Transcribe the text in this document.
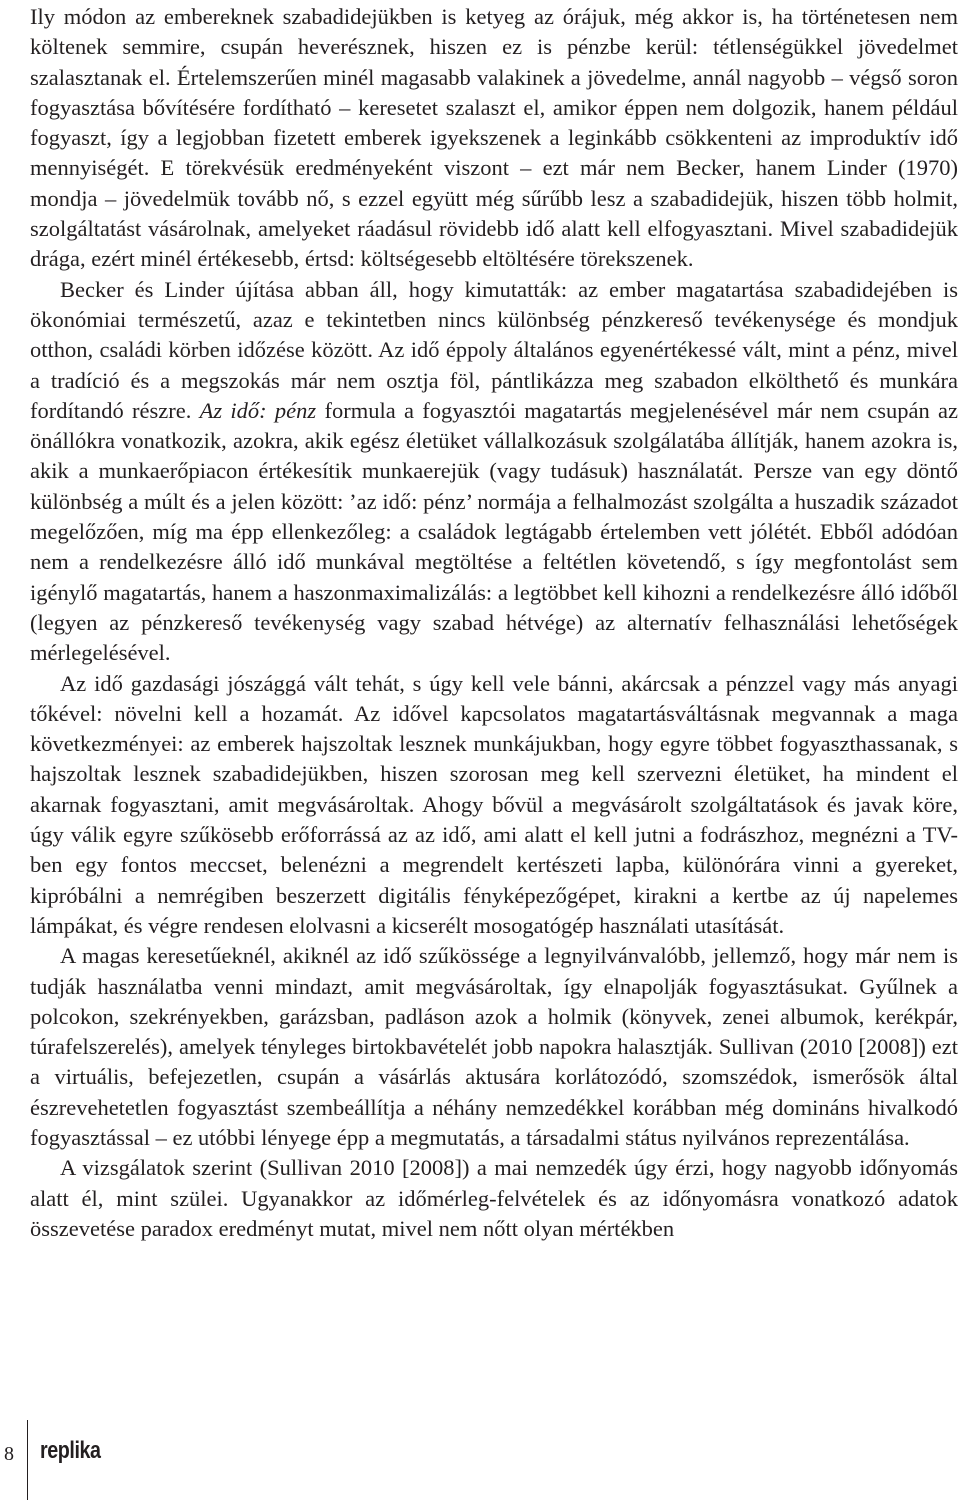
Ily módon az embereknek szabadidejükben is ketyeg az órájuk, még akkor is, ha történetesen nem költenek semmire, csupán heverésznek, hiszen ez is pénzbe kerül: tétlenségükkel jövedelmet szalasztanak el. Értelemszerűen minél magasabb valakinek a jövedelme, annál nagyobb – végső soron fogyasztása bővítésére fordítható – keresetet szalaszt el, amikor éppen nem dolgozik, hanem például fogyaszt, így a legjobban fizetett emberek igyekszenek a leginkább csökkenteni az improduktív idő mennyiségét. E törekvésük eredményeként viszont – ezt már nem Becker, hanem Linder (1970) mondja – jövedelmük tovább nő, s ezzel együtt még sűrűbb lesz a szabadidejük, hiszen több holmit, szolgáltatást vásárolnak, amelyeket ráadásul rövidebb idő alatt kell elfogyasztani. Mivel szabadidejük drága, ezért minél értékesebb, értsd: költségesebb eltöltésére törekszenek.

Becker és Linder újítása abban áll, hogy kimutatták: az ember magatartása szabadidejében is ökonómiai természetű, azaz e tekintetben nincs különbség pénzkereső tevékenysége és mondjuk otthon, családi körben időzése között. Az idő éppoly általános egyenértékessé vált, mint a pénz, mivel a tradíció és a megszokás már nem osztja föl, pántlikázza meg szabadon elkölthető és munkára fordítandó részre. Az idő: pénz formula a fogyasztói magatartás megjelenésével már nem csupán az önállókra vonatkozik, azokra, akik egész életüket vállalkozásuk szolgálatába állítják, hanem azokra is, akik a munkaerőpiacon értékesítik munkaerejük (vagy tudásuk) használatát. Persze van egy döntő különbség a múlt és a jelen között: ’az idő: pénz’ normája a felhalmozást szolgálta a huszadik századot megelőzően, míg ma épp ellenkezőleg: a családok legtágabb értelemben vett jólétét. Ebből adódóan nem a rendelkezésre álló idő munkával megtöltése a feltétlen követendő, s így megfontolást sem igénylő magatartás, hanem a haszonmaximalizálás: a legtöbbet kell kihozni a rendelkezésre álló időből (legyen az pénzkereső tevékenység vagy szabad hétvége) az alternatív felhasználási lehetőségek mérlegelésével.

Az idő gazdasági jószággá vált tehát, s úgy kell vele bánni, akárcsak a pénzzel vagy más anyagi tőkével: növelni kell a hozamát. Az idővel kapcsolatos magatartásváltásnak megvannak a maga következményei: az emberek hajszoltak lesznek munkájukban, hogy egyre többet fogyaszthassanak, s hajszoltak lesznek szabadidejükben, hiszen szorosan meg kell szervezni életüket, ha mindent el akarnak fogyasztani, amit megvásároltak. Ahogy bővül a megvásárolt szolgáltatások és javak köre, úgy válik egyre szűkösebb erőforrássá az az idő, ami alatt el kell jutni a fodrászhoz, megnézni a TV-ben egy fontos meccset, belenézni a megrendelt kertészeti lapba, különórára vinni a gyereket, kipróbálni a nemrégiben beszerzett digitális fényképezőgépet, kirakni a kertbe az új napelemes lámpákat, és végre rendesen elolvasni a kicserélt mosogatógép használati utasítását.

A magas keresetűeknél, akiknél az idő szűkössége a legnyilvánvalóbb, jellemző, hogy már nem is tudják használatba venni mindazt, amit megvásároltak, így elnapolják fogyasztásukat. Gyűlnek a polcokon, szekrényekben, garázsban, padláson azok a holmik (könyvek, zenei albumok, kerékpár, túrafelszerelés), amelyek tényleges birtokbavételét jobb napokra halasztják. Sullivan (2010 [2008]) ezt a virtuális, befejezetlen, csupán a vásárlás aktusára korlátozódó, szomszédok, ismerősök által észrevehetetlen fogyasztást szembeállítja a néhány nemzedékkel korábban még domináns hivalkodó fogyasztással – ez utóbbi lényege épp a megmutatás, a társadalmi státus nyilvános reprezentálása.

A vizsgálatok szerint (Sullivan 2010 [2008]) a mai nemzedék úgy érzi, hogy nagyobb időnyomás alatt él, mint szülei. Ugyanakkor az időmérleg-felvételek és az időnyomásra vonatkozó adatok összevetése paradox eredményt mutat, mivel nem nőtt olyan mértékben

8 replika
